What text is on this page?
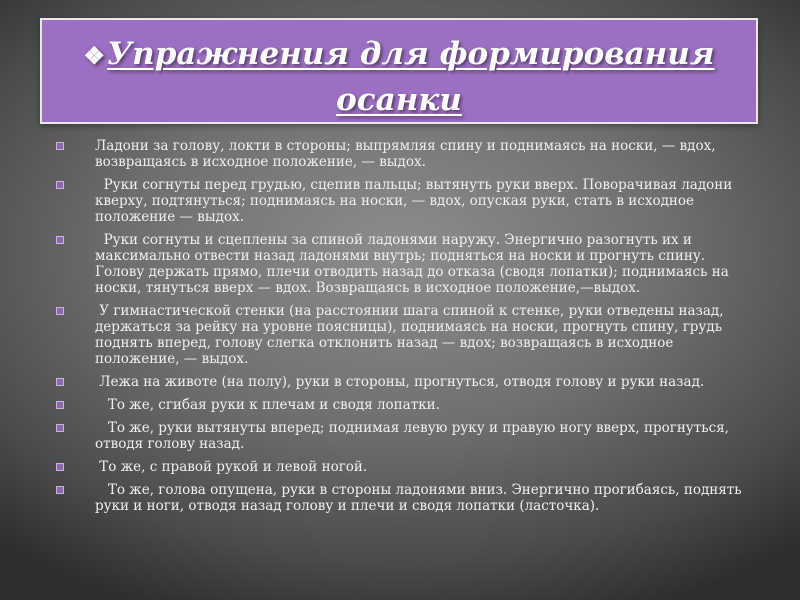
❖Упражнения для формирования
осанки
Ладони за голову, локти в стороны; выпрямляя спину и поднимаясь на носки, — вдох, возвращаясь в исходное положение, — выдох.
Руки согнуты перед грудью, сцепив пальцы; вытянуть руки вверх. Поворачивая ладони кверху, подтянуться; поднимаясь на носки, — вдох, опуская руки, стать в исходное положение — выдох.
Руки согнуты и сцеплены за спиной ладонями наружу. Энергично разогнуть их и максимально отвести назад ладонями внутрь; подняться на носки и прогнуть спину. Голову держать прямо, плечи отводить назад до отказа (сводя лопатки); поднимаясь на носки, тянуться вверх — вдох. Возвращаясь в исходное положение,—выдох.
У гимнастической стенки (на расстоянии шага спиной к стенке, руки отведены назад, держаться за рейку на уровне поясницы), поднимаясь на носки, прогнуть спину, грудь поднять вперед, голову слегка отклонить назад — вдох; возвращаясь в исходное положение, — выдох.
Лежа на животе (на полу), руки в стороны, прогнуться, отводя голову и руки назад.
То же, сгибая руки к плечам и сводя лопатки.
То же, руки вытянуты вперед; поднимая левую руку и правую ногу вверх, прогнуться, отводя голову назад.
То же, с правой рукой и левой ногой.
То же, голова опущена, руки в стороны ладонями вниз. Энергично прогибаясь, поднять руки и ноги, отводя назад голову и плечи и сводя лопатки (ласточка).
